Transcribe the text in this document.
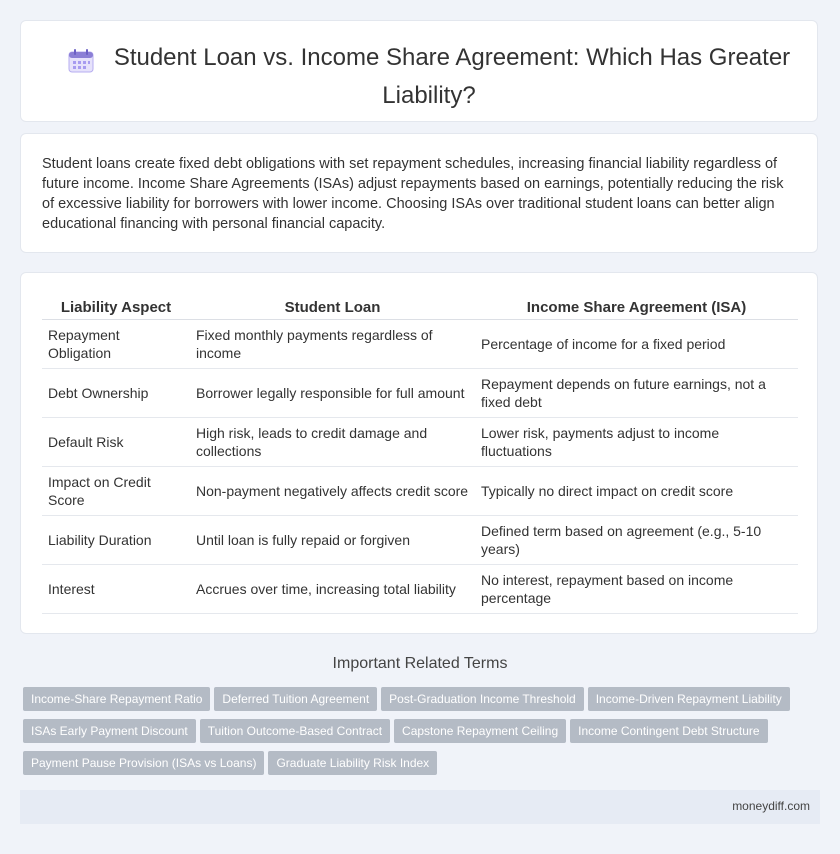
Student Loan vs. Income Share Agreement: Which Has Greater Liability?

Student loans create fixed debt obligations with set repayment schedules, increasing financial liability regardless of future income. Income Share Agreements (ISAs) adjust repayments based on earnings, potentially reducing the risk of excessive liability for borrowers with lower income. Choosing ISAs over traditional student loans can better align educational financing with personal financial capacity.

Liability Aspect	Student Loan	Income Share Agreement (ISA)
Repayment Obligation	Fixed monthly payments regardless of income	Percentage of income for a fixed period
Debt Ownership	Borrower legally responsible for full amount	Repayment depends on future earnings, not a fixed debt
Default Risk	High risk, leads to credit damage and collections	Lower risk, payments adjust to income fluctuations
Impact on Credit Score	Non-payment negatively affects credit score	Typically no direct impact on credit score
Liability Duration	Until loan is fully repaid or forgiven	Defined term based on agreement (e.g., 5-10 years)
Interest	Accrues over time, increasing total liability	No interest, repayment based on income percentage
Important Related Terms
Income-Share Repayment Ratio Deferred Tuition Agreement Post-Graduation Income Threshold Income-Driven Repayment Liability
ISAs Early Payment Discount Tuition Outcome-Based Contract Capstone Repayment Ceiling Income Contingent Debt Structure
Payment Pause Provision (ISAs vs Loans) Graduate Liability Risk Index
moneydiff.com
